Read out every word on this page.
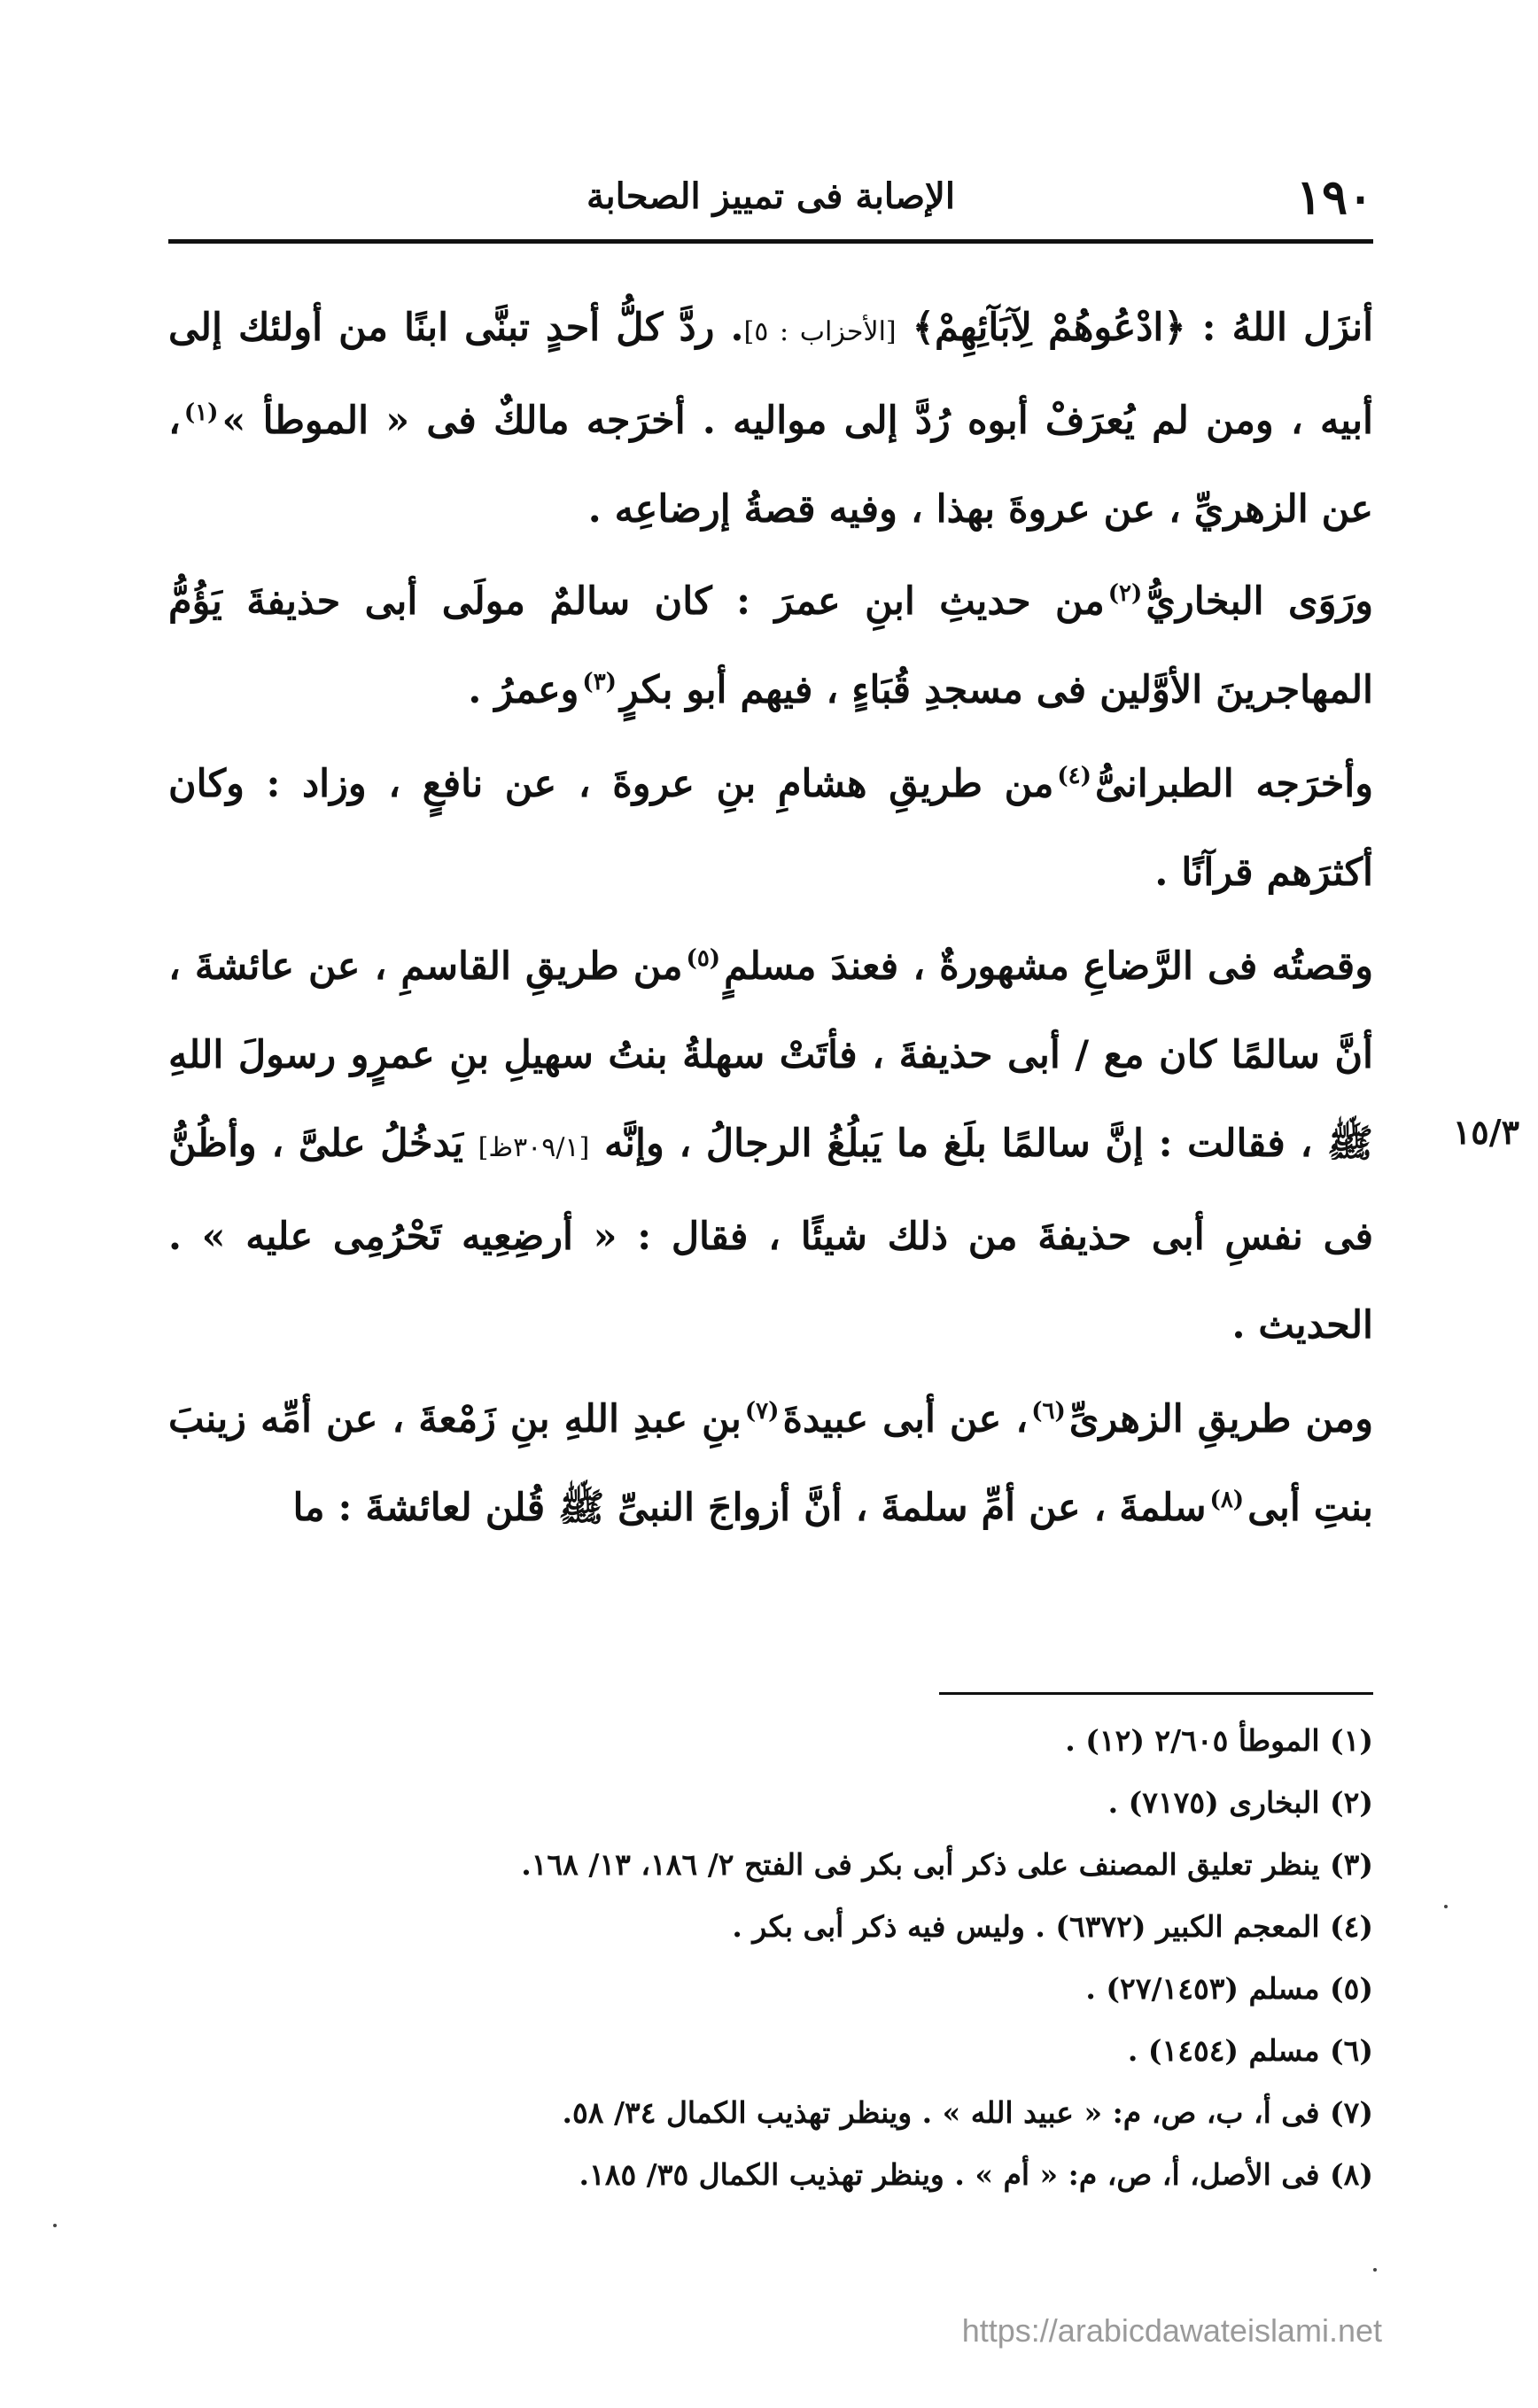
١٩٠
الإصابة فى تمييز الصحابة

أنزَل اللهُ : ﴿ادْعُوهُمْ لِآبَآئِهِمْ﴾ [الأحزاب : ٥]. ردَّ كلُّ أحدٍ تبنَّى ابنًا من أولئك إلى أبيه ، ومن لم يُعرَفْ أبوه رُدَّ إلى مواليه . أخرَجه مالكٌ فى « الموطأ »$^{(١)}$، عن الزهريِّ ، عن عروةَ بهذا ، وفيه قصةُ إرضاعِه .

ورَوَى البخاريُّ$^{(٢)}$من حديثِ ابنِ عمرَ : كان سالمٌ مولَى أبى حذيفةَ يَؤُمُّ المهاجرينَ الأوَّلين فى مسجدِ قُبَاءٍ ، فيهم أبو بكرٍ$^{(٣)}$وعمرُ .

وأخرَجه الطبرانىُّ$^{(٤)}$من طريقِ هشامِ بنِ عروةَ ، عن نافعٍ ، وزاد : وكان أكثرَهم قرآنًا .

وقصتُه فى الرَّضاعِ مشهورةٌ ، فعندَ مسلمٍ$^{(٥)}$من طريقِ القاسمِ ، عن عائشةَ ، أنَّ سالمًا كان مع / أبى حذيفةَ ، فأتَتْ سهلةُ بنتُ سهيلِ بنِ عمرٍو رسولَ اللهِ ﷺ ، فقالت : إنَّ سالمًا بلَغ ما يَبلُغُ الرجالُ ، وإنَّه [٣٠٩/١ظ] يَدخُلُ علىَّ ، وأظُنُّ فى نفسِ أبى حذيفةَ من ذلك شيئًا ، فقال : « أرضِعِيه تَحْرُمِى عليه » . الحديث .

ومن طريقِ الزهرىِّ$^{(٦)}$، عن أبى عبيدةَ$^{(٧)}$بنِ عبدِ اللهِ بنِ زَمْعةَ ، عن أمِّه زينبَ بنتِ أبى$^{(٨)}$سلمةَ ، عن أمِّ سلمةَ ، أنَّ أزواجَ النبىِّ ﷺ قُلن لعائشةَ : ما

١٥/٣
(١) الموطأ ٢/٦٠٥ (١٢) .
(٢) البخارى (٧١٧٥) .
(٣) ينظر تعليق المصنف على ذكر أبى بكر فى الفتح ٢/ ١٨٦، ١٣/ ١٦٨.
(٤) المعجم الكبير (٦٣٧٢) . وليس فيه ذكر أبى بكر .
(٥) مسلم (٢٧/١٤٥٣) .
(٦) مسلم (١٤٥٤) .
(٧) فى أ، ب، ص، م: « عبيد الله » . وينظر تهذيب الكمال ٣٤/ ٥٨.
(٨) فى الأصل، أ، ص، م: « أم » . وينظر تهذيب الكمال ٣٥/ ١٨٥.
https://arabicdawateislami.net
